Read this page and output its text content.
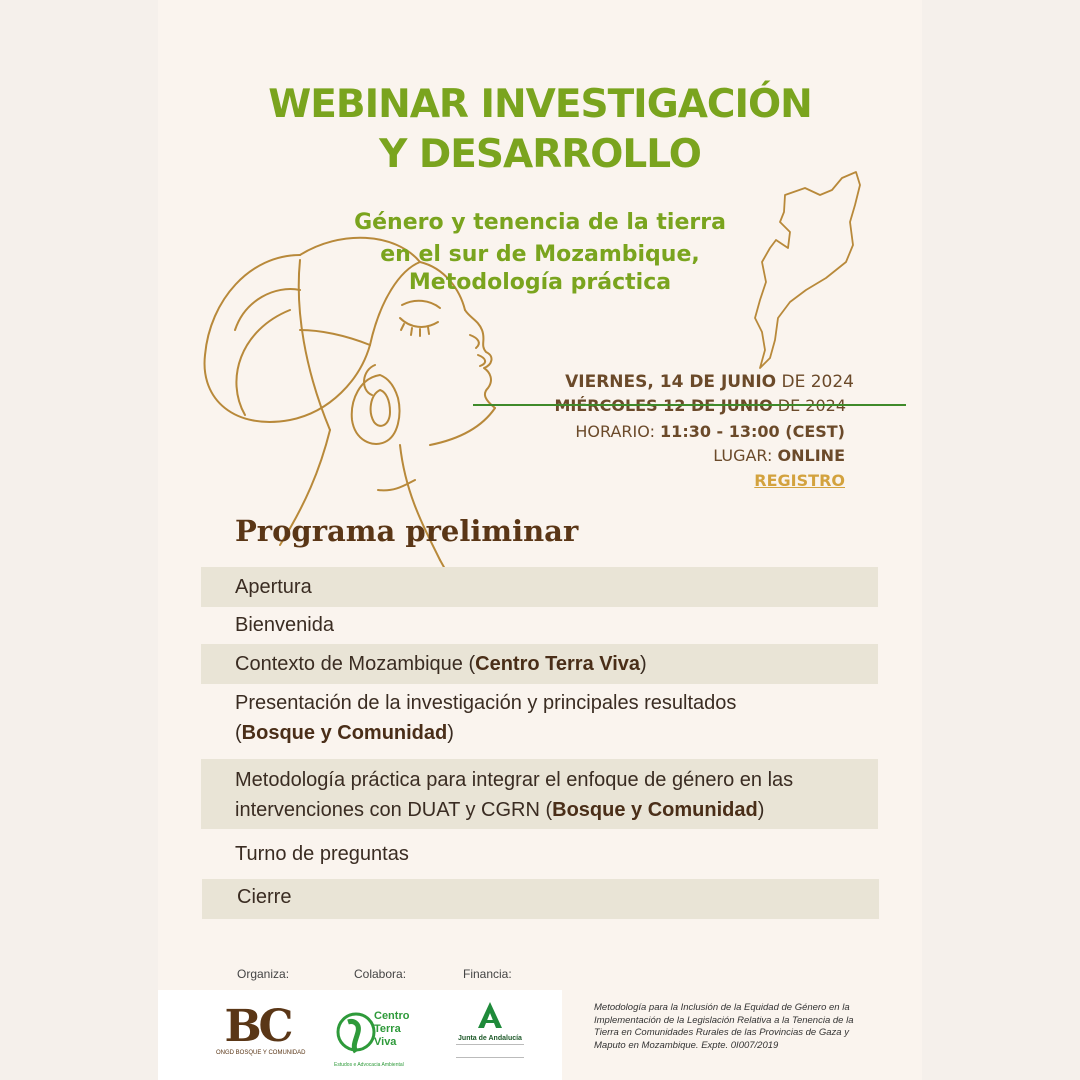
WEBINAR INVESTIGACIÓN
Y DESARROLLO
Género y tenencia de la tierra
en el sur de Mozambique,
Metodología práctica
VIERNES, 14 DE JUNIO DE 2024
HORARIO: 11:30 - 13:00 (CEST)
LUGAR: ONLINE
REGISTRO
Programa preliminar
Apertura
Bienvenida
Contexto de Mozambique (Centro Terra Viva)
Presentación de la investigación y principales resultados
(Bosque y Comunidad)
Metodología práctica para integrar el enfoque de género en las
intervenciones con DUAT y CGRN (Bosque y Comunidad)
Turno de preguntas
Cierre
Organiza:	Colabora:	Financia:
BC
ONGD BOSQUE Y COMUNIDAD
Centro
Terra
Viva
Estudos e Advocacia Ambiental
Junta de Andalucía
Metodología para la Inclusión de la Equidad de Género en la Implementación de la Legislación Relativa a la Tenencia de la Tierra en Comunidades Rurales de las Provincias de Gaza y Maputo en Mozambique. Expte. 0I007/2019
